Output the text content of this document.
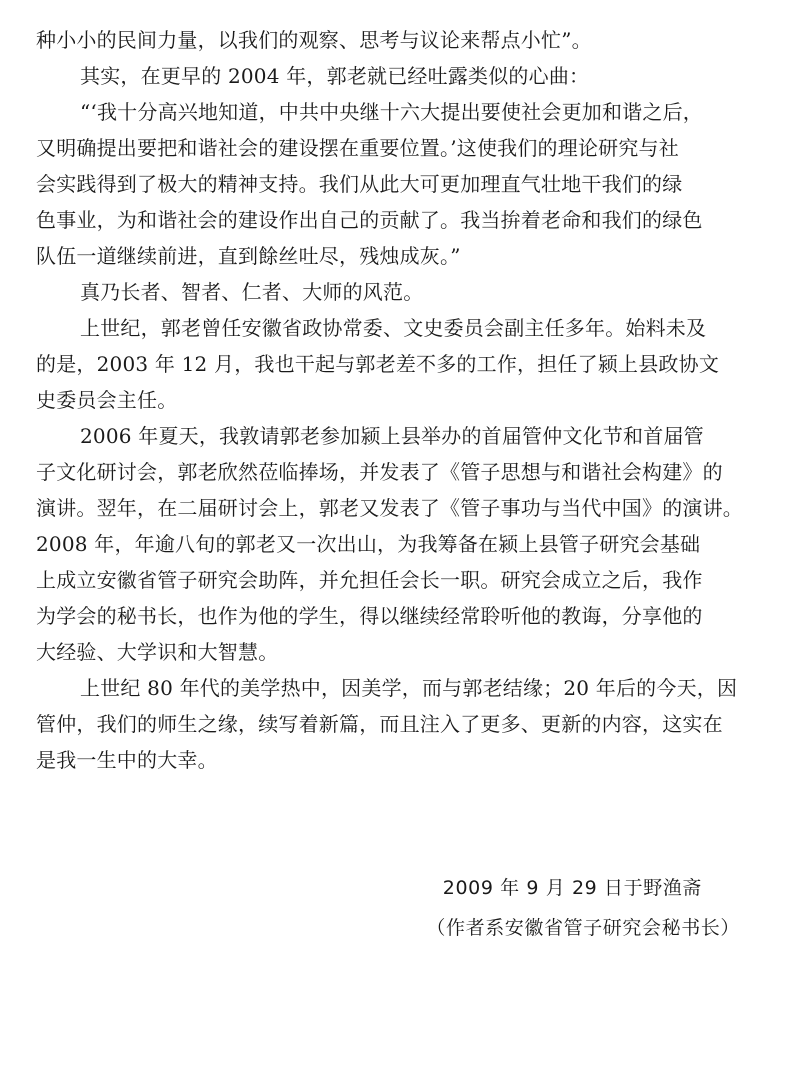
种小小的民间力量，以我们的观察、思考与议论来帮点小忙”。
其实，在更早的 2004 年，郭老就已经吐露类似的心曲：
“‘我十分高兴地知道，中共中央继十六大提出要使社会更加和谐之后，
又明确提出要把和谐社会的建设摆在重要位置。’这使我们的理论研究与社
会实践得到了极大的精神支持。我们从此大可更加理直气壮地干我们的绿
色事业，为和谐社会的建设作出自己的贡献了。我当拚着老命和我们的绿色
队伍一道继续前进，直到餘丝吐尽，残烛成灰。”
真乃长者、智者、仁者、大师的风范。
上世纪，郭老曾任安徽省政协常委、文史委员会副主任多年。始料未及
的是，2003 年 12 月，我也干起与郭老差不多的工作，担任了颍上县政协文
史委员会主任。
2006 年夏天，我敦请郭老参加颍上县举办的首届管仲文化节和首届管
子文化研讨会，郭老欣然莅临捧场，并发表了《管子思想与和谐社会构建》的
演讲。翌年，在二届研讨会上，郭老又发表了《管子事功与当代中国》的演讲。
2008 年，年逾八旬的郭老又一次出山，为我筹备在颍上县管子研究会基础
上成立安徽省管子研究会助阵，并允担任会长一职。研究会成立之后，我作
为学会的秘书长，也作为他的学生，得以继续经常聆听他的教诲，分享他的
大经验、大学识和大智慧。
上世纪 80 年代的美学热中，因美学，而与郭老结缘；20 年后的今天，因
管仲，我们的师生之缘，续写着新篇，而且注入了更多、更新的内容，这实在
是我一生中的大幸。
2009 年 9 月 29 日于野渔斋
（作者系安徽省管子研究会秘书长）
